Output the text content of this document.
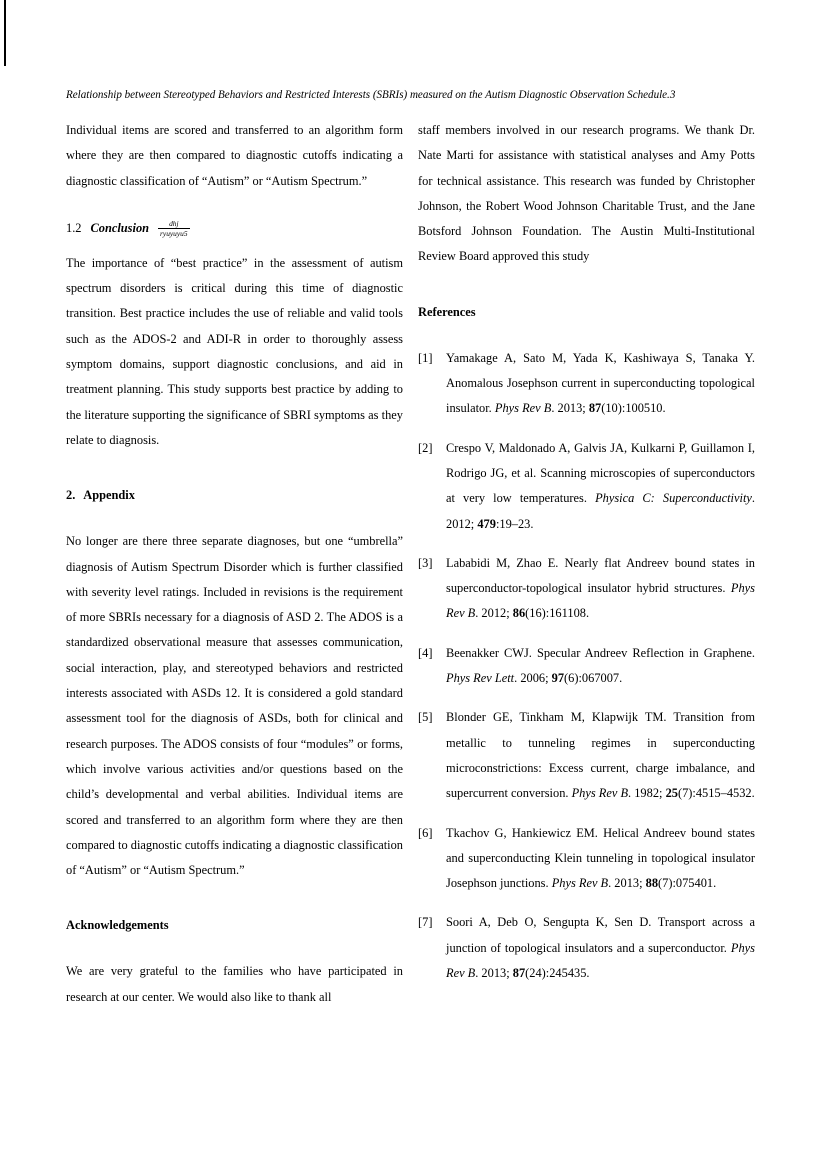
Relationship between Stereotyped Behaviors and Restricted Interests (SBRIs) measured on the Autism Diagnostic Observation Schedule.3

Individual items are scored and transferred to an algorithm form where they are then compared to diagnostic cutoffs indicating a diagnostic classification of “Autism” or “Autism Spectrum.”

1.2 Conclusion $\frac{\text{dhj}}{\text{ryuyuyu5}}$

The importance of “best practice” in the assessment of autism spectrum disorders is critical during this time of diagnostic transition. Best practice includes the use of reliable and valid tools such as the ADOS-2 and ADI-R in order to thoroughly assess symptom domains, support diagnostic conclusions, and aid in treatment planning. This study supports best practice by adding to the literature supporting the significance of SBRI symptoms as they relate to diagnosis.

2. Appendix

No longer are there three separate diagnoses, but one “umbrella” diagnosis of Autism Spectrum Disorder which is further classified with severity level ratings. Included in revisions is the requirement of more SBRIs necessary for a diagnosis of ASD 2. The ADOS is a standardized observational measure that assesses communication, social interaction, play, and stereotyped behaviors and restricted interests associated with ASDs 12. It is considered a gold standard assessment tool for the diagnosis of ASDs, both for clinical and research purposes. The ADOS consists of four “modules” or forms, which involve various activities and/or questions based on the child’s developmental and verbal abilities. Individual items are scored and transferred to an algorithm form where they are then compared to diagnostic cutoffs indicating a diagnostic classification of “Autism” or “Autism Spectrum.”

Acknowledgements

We are very grateful to the families who have participated in research at our center. We would also like to thank all

staff members involved in our research programs. We thank Dr. Nate Marti for assistance with statistical analyses and Amy Potts for technical assistance. This research was funded by Christopher Johnson, the Robert Wood Johnson Charitable Trust, and the Jane Botsford Johnson Foundation. The Austin Multi-Institutional Review Board approved this study

References

[1]	Yamakage A, Sato M, Yada K, Kashiwaya S, Tanaka Y. Anomalous Josephson current in superconducting topological insulator. Phys Rev B. 2013; 87(10):100510.

[2]	Crespo V, Maldonado A, Galvis JA, Kulkarni P, Guillamon I, Rodrigo JG, et al. Scanning microscopies of superconductors at very low temperatures. Physica C: Superconductivity. 2012; 479:19–23.

[3]	Lababidi M, Zhao E. Nearly flat Andreev bound states in superconductor-topological insulator hybrid structures. Phys Rev B. 2012; 86(16):161108.

[4]	Beenakker CWJ. Specular Andreev Reflection in Graphene. Phys Rev Lett. 2006; 97(6):067007.

[5]	Blonder GE, Tinkham M, Klapwijk TM. Transition from metallic to tunneling regimes in superconducting microconstrictions: Excess current, charge imbalance, and supercurrent conversion. Phys Rev B. 1982; 25(7):4515–4532.

[6]	Tkachov G, Hankiewicz EM. Helical Andreev bound states and superconducting Klein tunneling in topological insulator Josephson junctions. Phys Rev B. 2013; 88(7):075401.

[7]	Soori A, Deb O, Sengupta K, Sen D. Transport across a junction of topological insulators and a superconductor. Phys Rev B. 2013; 87(24):245435.
